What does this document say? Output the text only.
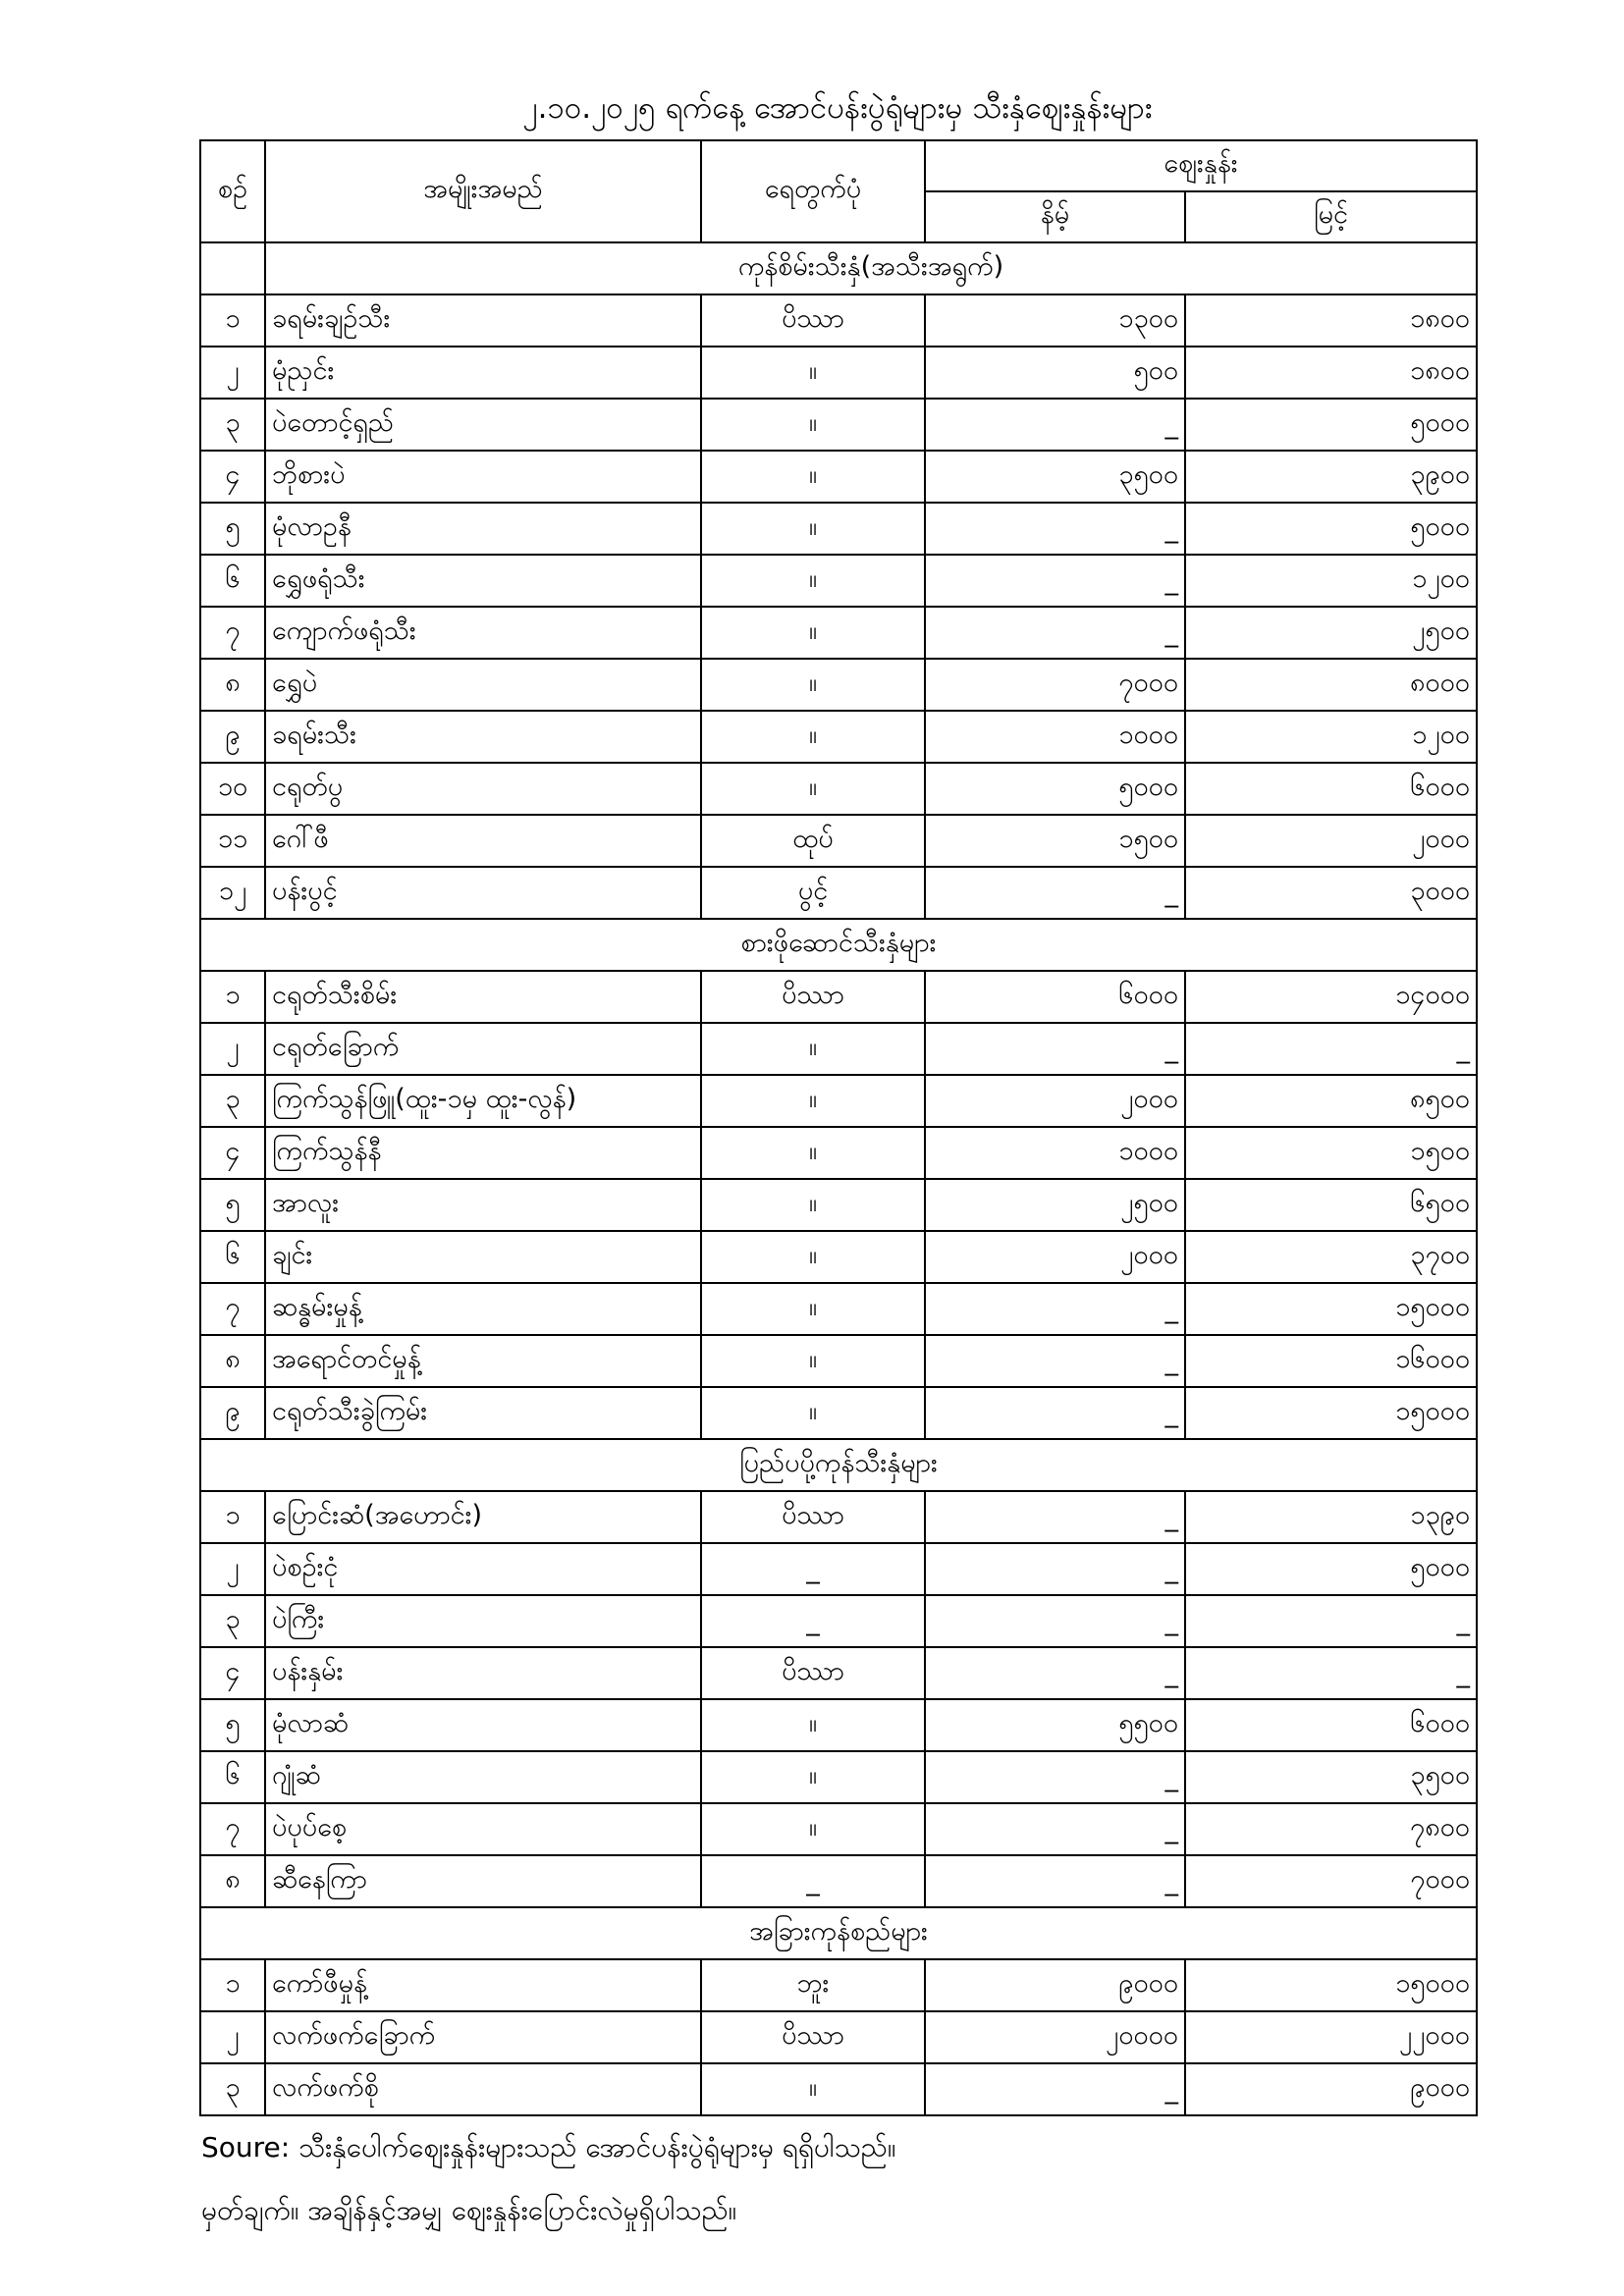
၂.၁၀.၂၀၂၅ ရက်နေ့ အောင်ပန်းပွဲရုံများမှ သီးနှံဈေးနှုန်းများ
စဉ်	အမျိုးအမည်	ရေတွက်ပုံ	ဈေးနှုန်း	
			နိမ့်	မြင့်
	ကုန်စိမ်းသီးနှံ(အသီးအရွက်)			
၁	ခရမ်းချဉ်သီး	ပိဿာ	၁၃၀၀	၁၈၀၀
၂	မုံညှင်း	။	၅၀၀	၁၈၀၀
၃	ပဲတောင့်ရှည်	။	_	၅၀၀၀
၄	ဘိုစားပဲ	။	၃၅၀၀	၃၉၀၀
၅	မုံလာဥနီ	။	_	၅၀၀၀
၆	ရွှေဖရုံသီး	။	_	၁၂၀၀
၇	ကျောက်ဖရုံသီး	။	_	၂၅၀၀
၈	ရွှေပဲ	။	၇၀၀၀	၈၀၀၀
၉	ခရမ်းသီး	။	၁၀၀၀	၁၂၀၀
၁၀	ငရုတ်ပွ	။	၅၀၀၀	၆၀၀၀
၁၁	ဂေါ်ဖီ	ထုပ်	၁၅၀၀	၂၀၀၀
၁၂	ပန်းပွင့်	ပွင့်	_	၃၀၀၀
စားဖိုဆောင်သီးနှံများ				
၁	ငရုတ်သီးစိမ်း	ပိဿာ	၆၀၀၀	၁၄၀၀၀
၂	ငရုတ်ခြောက်	။	_	_
၃	ကြက်သွန်ဖြူ(ထူး-၁မှ ထူး-လွန်)	။	၂၀၀၀	၈၅၀၀
၄	ကြက်သွန်နီ	။	၁၀၀၀	၁၅၀၀
၅	အာလူး	။	၂၅၀၀	၆၅၀၀
၆	ချင်း	။	၂၀၀၀	၃၇၀၀
၇	ဆန္ဓမ်းမှုန့်	။	_	၁၅၀၀၀
၈	အရောင်တင်မှုန့်	။	_	၁၆၀၀၀
၉	ငရုတ်သီးခွဲကြမ်း	။	_	၁၅၀၀၀
ပြည်ပပို့ကုန်သီးနှံများ				
၁	ပြောင်းဆံ(အဟောင်း)	ပိဿာ	_	၁၃၉၀
၂	ပဲစဉ်းငုံ	_	_	၅၀၀၀
၃	ပဲကြီး	_	_	_
၄	ပန်းနှမ်း	ပိဿာ	_	_
၅	မုံလာဆံ	။	၅၅၀၀	၆၀၀၀
၆	ဂျုံဆံ	။	_	၃၅၀၀
၇	ပဲပုပ်စေ့	။	_	၇၈၀၀
၈	ဆီနေကြာ	_	_	၇၀၀၀
အခြားကုန်စည်များ				
၁	ကော်ဖီမှုန့်	ဘူး	၉၀၀၀	၁၅၀၀၀
၂	လက်ဖက်ခြောက်	ပိဿာ	၂၀၀၀၀	၂၂၀၀၀
၃	လက်ဖက်စို	။	_	၉၀၀၀
Soure: သီးနှံပေါက်ဈေးနှုန်းများသည် အောင်ပန်းပွဲရုံများမှ ရရှိပါသည်။
မှတ်ချက်။ အချိန်နှင့်အမျှ ဈေးနှုန်းပြောင်းလဲမှုရှိပါသည်။
